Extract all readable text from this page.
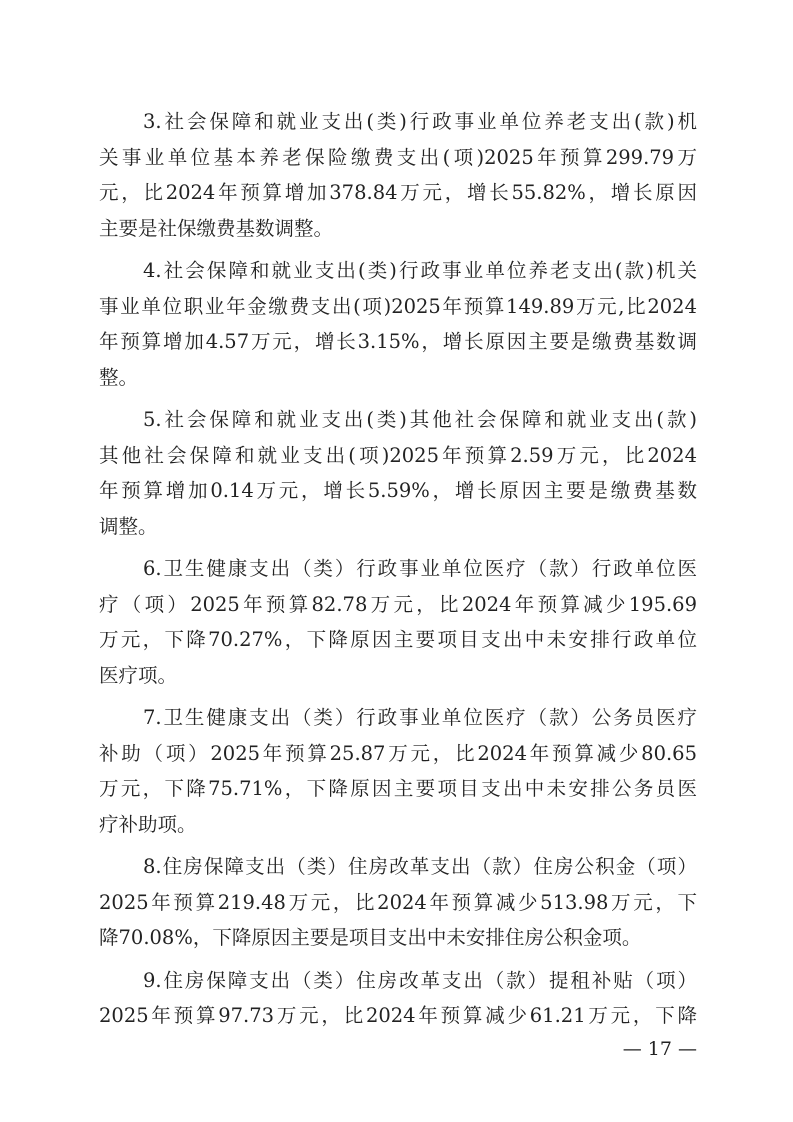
3.社会保障和就业支出(类)行政事业单位养老支出(款)机
关事业单位基本养老保险缴费支出(项)2025年预算299.79万
元，比2024年预算增加378.84万元，增长55.82%，增长原因
主要是社保缴费基数调整。
4.社会保障和就业支出(类)行政事业单位养老支出(款)机关
事业单位职业年金缴费支出(项)2025年预算149.89万元,比2024
年预算增加4.57万元，增长3.15%，增长原因主要是缴费基数调
整。
5.社会保障和就业支出(类)其他社会保障和就业支出(款)
其他社会保障和就业支出(项)2025年预算2.59万元，比2024
年预算增加0.14万元，增长5.59%，增长原因主要是缴费基数
调整。
6.卫生健康支出（类）行政事业单位医疗（款）行政单位医
疗（项）2025年预算82.78万元，比2024年预算减少195.69
万元，下降70.27%，下降原因主要项目支出中未安排行政单位
医疗项。
7.卫生健康支出（类）行政事业单位医疗（款）公务员医疗
补助（项）2025年预算25.87万元，比2024年预算减少80.65
万元，下降75.71%，下降原因主要项目支出中未安排公务员医
疗补助项。
8.住房保障支出（类）住房改革支出（款）住房公积金（项）
2025年预算219.48万元，比2024年预算减少513.98万元，下
降70.08%，下降原因主要是项目支出中未安排住房公积金项。
9.住房保障支出（类）住房改革支出（款）提租补贴（项）
2025年预算97.73万元，比2024年预算减少61.21万元，下降
— 17 —
